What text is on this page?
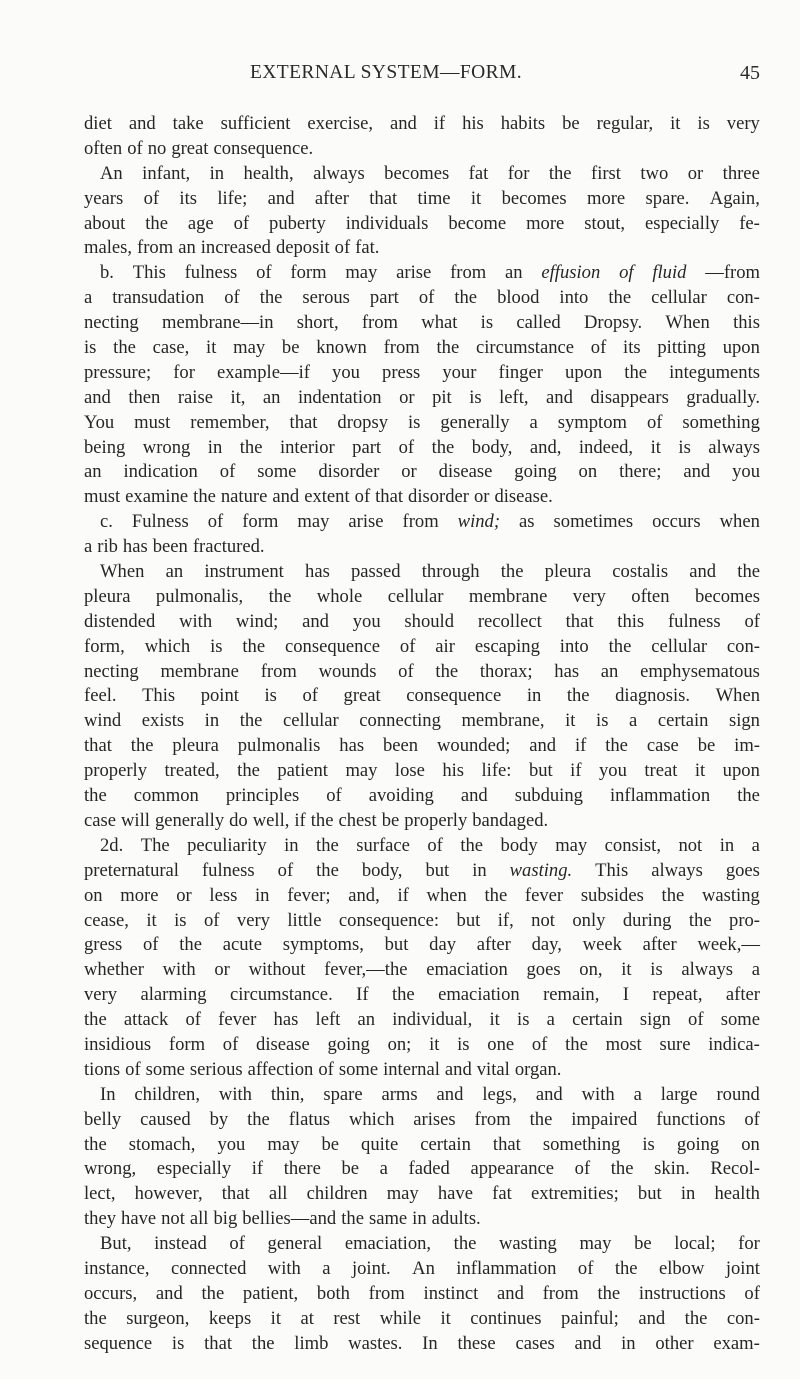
EXTERNAL SYSTEM—FORM.	45
diet and take sufficient exercise, and if his habits be regular, it is very
often of no great consequence.
An infant, in health, always becomes fat for the first two or three
years of its life; and after that time it becomes more spare. Again,
about the age of puberty individuals become more stout, especially fe-
males, from an increased deposit of fat.
b. This fulness of form may arise from an effusion of fluid —from
a transudation of the serous part of the blood into the cellular con-
necting membrane—in short, from what is called Dropsy. When this
is the case, it may be known from the circumstance of its pitting upon
pressure; for example—if you press your finger upon the integuments
and then raise it, an indentation or pit is left, and disappears gradually.
You must remember, that dropsy is generally a symptom of something
being wrong in the interior part of the body, and, indeed, it is always
an indication of some disorder or disease going on there; and you
must examine the nature and extent of that disorder or disease.
c. Fulness of form may arise from wind; as sometimes occurs when
a rib has been fractured.
When an instrument has passed through the pleura costalis and the
pleura pulmonalis, the whole cellular membrane very often becomes
distended with wind; and you should recollect that this fulness of
form, which is the consequence of air escaping into the cellular con-
necting membrane from wounds of the thorax; has an emphysematous
feel. This point is of great consequence in the diagnosis. When
wind exists in the cellular connecting membrane, it is a certain sign
that the pleura pulmonalis has been wounded; and if the case be im-
properly treated, the patient may lose his life: but if you treat it upon
the common principles of avoiding and subduing inflammation the
case will generally do well, if the chest be properly bandaged.
2d. The peculiarity in the surface of the body may consist, not in a
preternatural fulness of the body, but in wasting. This always goes
on more or less in fever; and, if when the fever subsides the wasting
cease, it is of very little consequence: but if, not only during the pro-
gress of the acute symptoms, but day after day, week after week,—
whether with or without fever,—the emaciation goes on, it is always a
very alarming circumstance. If the emaciation remain, I repeat, after
the attack of fever has left an individual, it is a certain sign of some
insidious form of disease going on; it is one of the most sure indica-
tions of some serious affection of some internal and vital organ.
In children, with thin, spare arms and legs, and with a large round
belly caused by the flatus which arises from the impaired functions of
the stomach, you may be quite certain that something is going on
wrong, especially if there be a faded appearance of the skin. Recol-
lect, however, that all children may have fat extremities; but in health
they have not all big bellies—and the same in adults.
But, instead of general emaciation, the wasting may be local; for
instance, connected with a joint. An inflammation of the elbow joint
occurs, and the patient, both from instinct and from the instructions of
the surgeon, keeps it at rest while it continues painful; and the con-
sequence is that the limb wastes. In these cases and in other exam-
